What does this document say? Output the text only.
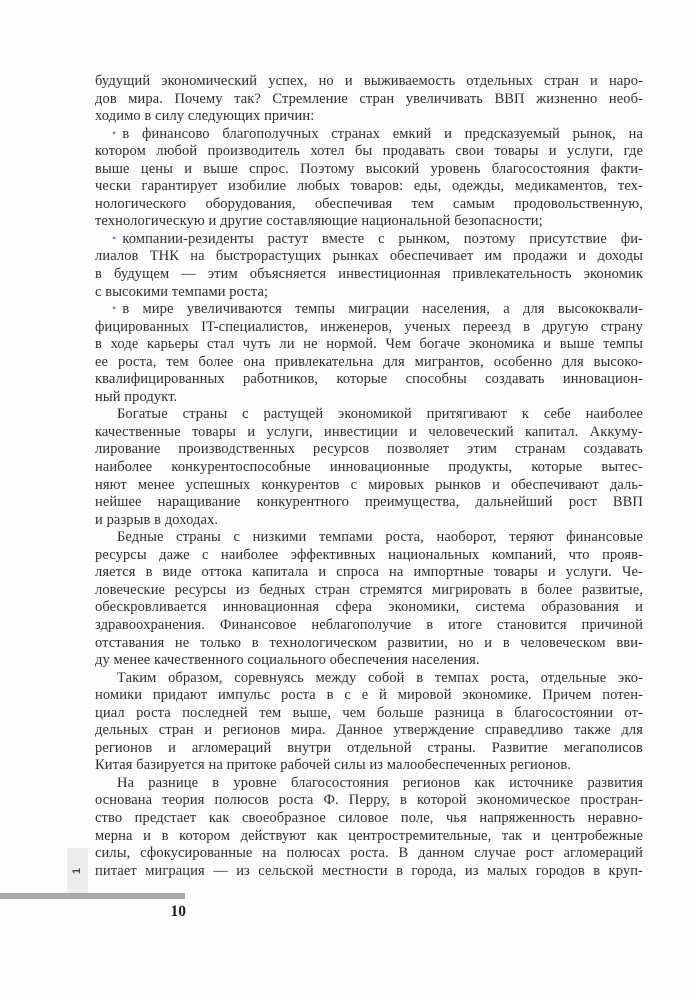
будущий экономический успех, но и выживаемость отдельных стран и наро-
дов мира. Почему так? Стремление стран увеличивать ВВП жизненно необ-
ходимо в силу следующих причин:
• в финансово благополучных странах емкий и предсказуемый рынок, на
котором любой производитель хотел бы продавать свои товары и услуги, где
выше цены и выше спрос. Поэтому высокий уровень благосостояния факти-
чески гарантирует изобилие любых товаров: еды, одежды, медикаментов, тех-
нологического оборудования, обеспечивая тем самым продовольственную,
технологическую и другие составляющие национальной безопасности;
• компании-резиденты растут вместе с рынком, поэтому присутствие фи-
лиалов ТНК на быстрорастущих рынках обеспечивает им продажи и доходы
в будущем — этим объясняется инвестиционная привлекательность экономик
с высокими темпами роста;
• в мире увеличиваются темпы миграции населения, а для высококвали-
фицированных IT-специалистов, инженеров, ученых переезд в другую страну
в ходе карьеры стал чуть ли не нормой. Чем богаче экономика и выше темпы
ее роста, тем более она привлекательна для мигрантов, особенно для высоко-
квалифицированных работников, которые способны создавать инновацион-
ный продукт.
Богатые страны с растущей экономикой притягивают к себе наиболее
качественные товары и услуги, инвестиции и человеческий капитал. Аккуму-
лирование производственных ресурсов позволяет этим странам создавать
наиболее конкурентоспособные инновационные продукты, которые вытес-
няют менее успешных конкурентов с мировых рынков и обеспечивают даль-
нейшее наращивание конкурентного преимущества, дальнейший рост ВВП
и разрыв в доходах.
Бедные страны с низкими темпами роста, наоборот, теряют финансовые
ресурсы даже с наиболее эффективных национальных компаний, что прояв-
ляется в виде оттока капитала и спроса на импортные товары и услуги. Че-
ловеческие ресурсы из бедных стран стремятся мигрировать в более развитые,
обескровливается инновационная сфера экономики, система образования и
здравоохранения. Финансовое неблагополучие в итоге становится причиной
отставания не только в технологическом развитии, но и в человеческом вви-
ду менее качественного социального обеспечения населения.
Таким образом, соревнуясь между собой в темпах роста, отдельные эко-
номики придают импульс роста в с е й мировой экономике. Причем потен-
циал роста последней тем выше, чем больше разница в благосостоянии от-
дельных стран и регионов мира. Данное утверждение справедливо также для
регионов и агломераций внутри отдельной страны. Развитие мегаполисов
Китая базируется на притоке рабочей силы из малообеспеченных регионов.
На разнице в уровне благосостояния регионов как источнике развития
основана теория полюсов роста Ф. Перру, в которой экономическое простран-
ство предстает как своеобразное силовое поле, чья напряженность неравно-
мерна и в котором действуют как центростремительные, так и центробежные
силы, сфокусированные на полюсах роста. В данном случае рост агломераций
питает миграция — из сельской местности в города, из малых городов в круп-
1
10
